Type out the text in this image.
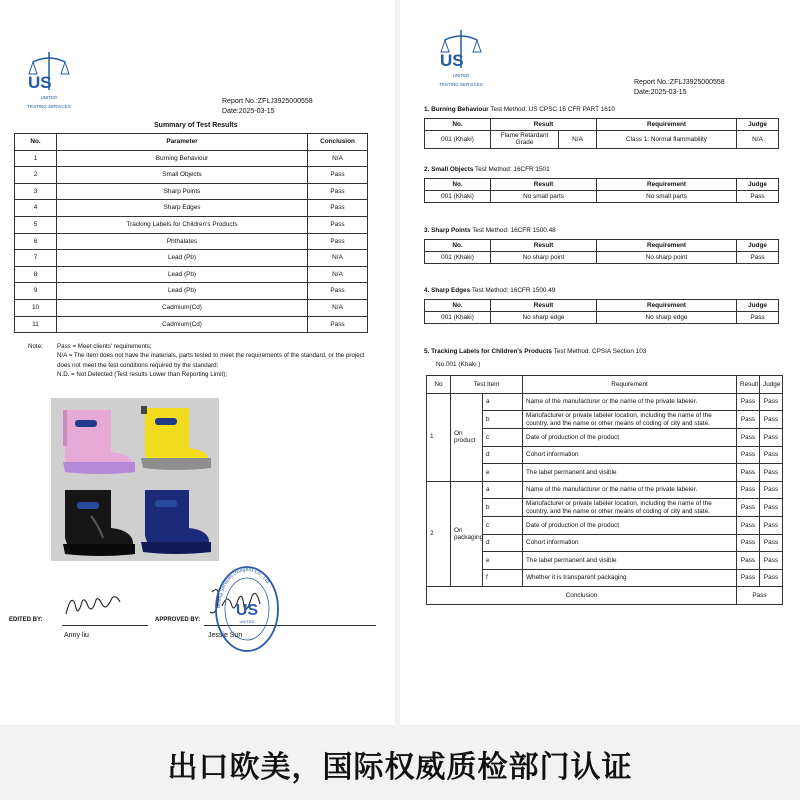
US
UNITED
TESTING SERVICES
Report No.:ZFLJ3925000558
Date:2025-03-15
Summary of Test Results
No.	Parameter	Conclusion
1	Burning Behaviour	N/A
2	Small Objects	Pass
3	Sharp Points	Pass
4	Sharp Edges	Pass
5	Tracking Labels for Children's Products	Pass
6	Phthalates	Pass
7	Lead (Pb)	N/A
8	Lead (Pb)	N/A
9	Lead (Pb)	Pass
10	Cadmium(Cd)	N/A
11	Cadmium(Cd)	Pass
Note: Pass = Meet clients' requirements;
N/A = The item does not have the materials, parts tested to meet the requirements of the standard, or the project
does not meet the test conditions required by the standard;
N.D. = Not Detected (Test results Lower than Reporting Limit);
EDITED BY:
Anny liu
APPROVED BY:
Jessie Sun
Testing Services (Ningbo) Co., Ltd.
US
UNITED
US
UNITED
TESTING SERVICES	Report No.:ZFLJ3925000558
Date:2025-03-15
1. Burning Behaviour Test Method: US CPSC 16 CFR PART 1610
No.	Result		Requirement	Judge
001 (Khaki)	Flame Retardant Grade	N/A	Class 1: Normal flammability	N/A
2. Small Objects Test Method: 16CFR 1501
No.	Result	Requirement	Judge
001 (Khaki)	No small parts	No small parts	Pass
3. Sharp Points Test Method: 16CFR 1500.48
No.	Result	Requirement	Judge
001 (Khaki)	No sharp point	No sharp point	Pass
4. Sharp Edges Test Method: 16CFR 1500.49
No.	Result	Requirement	Judge
001 (Khaki)	No sharp edge	No sharp edge	Pass
5. Tracking Labels for Children's Products Test Method: CPSIA Section 103
No.001 (Khaki )
No	Test Item		Requirement	Result	Judge
1	On product	a	Name of the manufacturer or the name of the private labeler.	Pass	Pass
		b	Manufacturer or private labeler location, including the name of the country, and the name or other means of coding of city and state.	Pass	Pass
		c	Date of production of the product	Pass	Pass
		d	Cohort information	Pass	Pass
		e	The label permanent and visible	Pass	Pass
2	On packaging	a	Name of the manufacturer or the name of the private labeler.	Pass	Pass
		b	Manufacturer or private labeler location, including the name of the country, and the name or other means of coding of city and state.	Pass	Pass
		c	Date of production of the product	Pass	Pass
		d	Cohort information	Pass	Pass
		e	The label permanent and visible	Pass	Pass
		f	Whether it is transparent packaging	Pass	Pass
Conclusion				Pass	
出口欧美，国际权威质检部门认证
